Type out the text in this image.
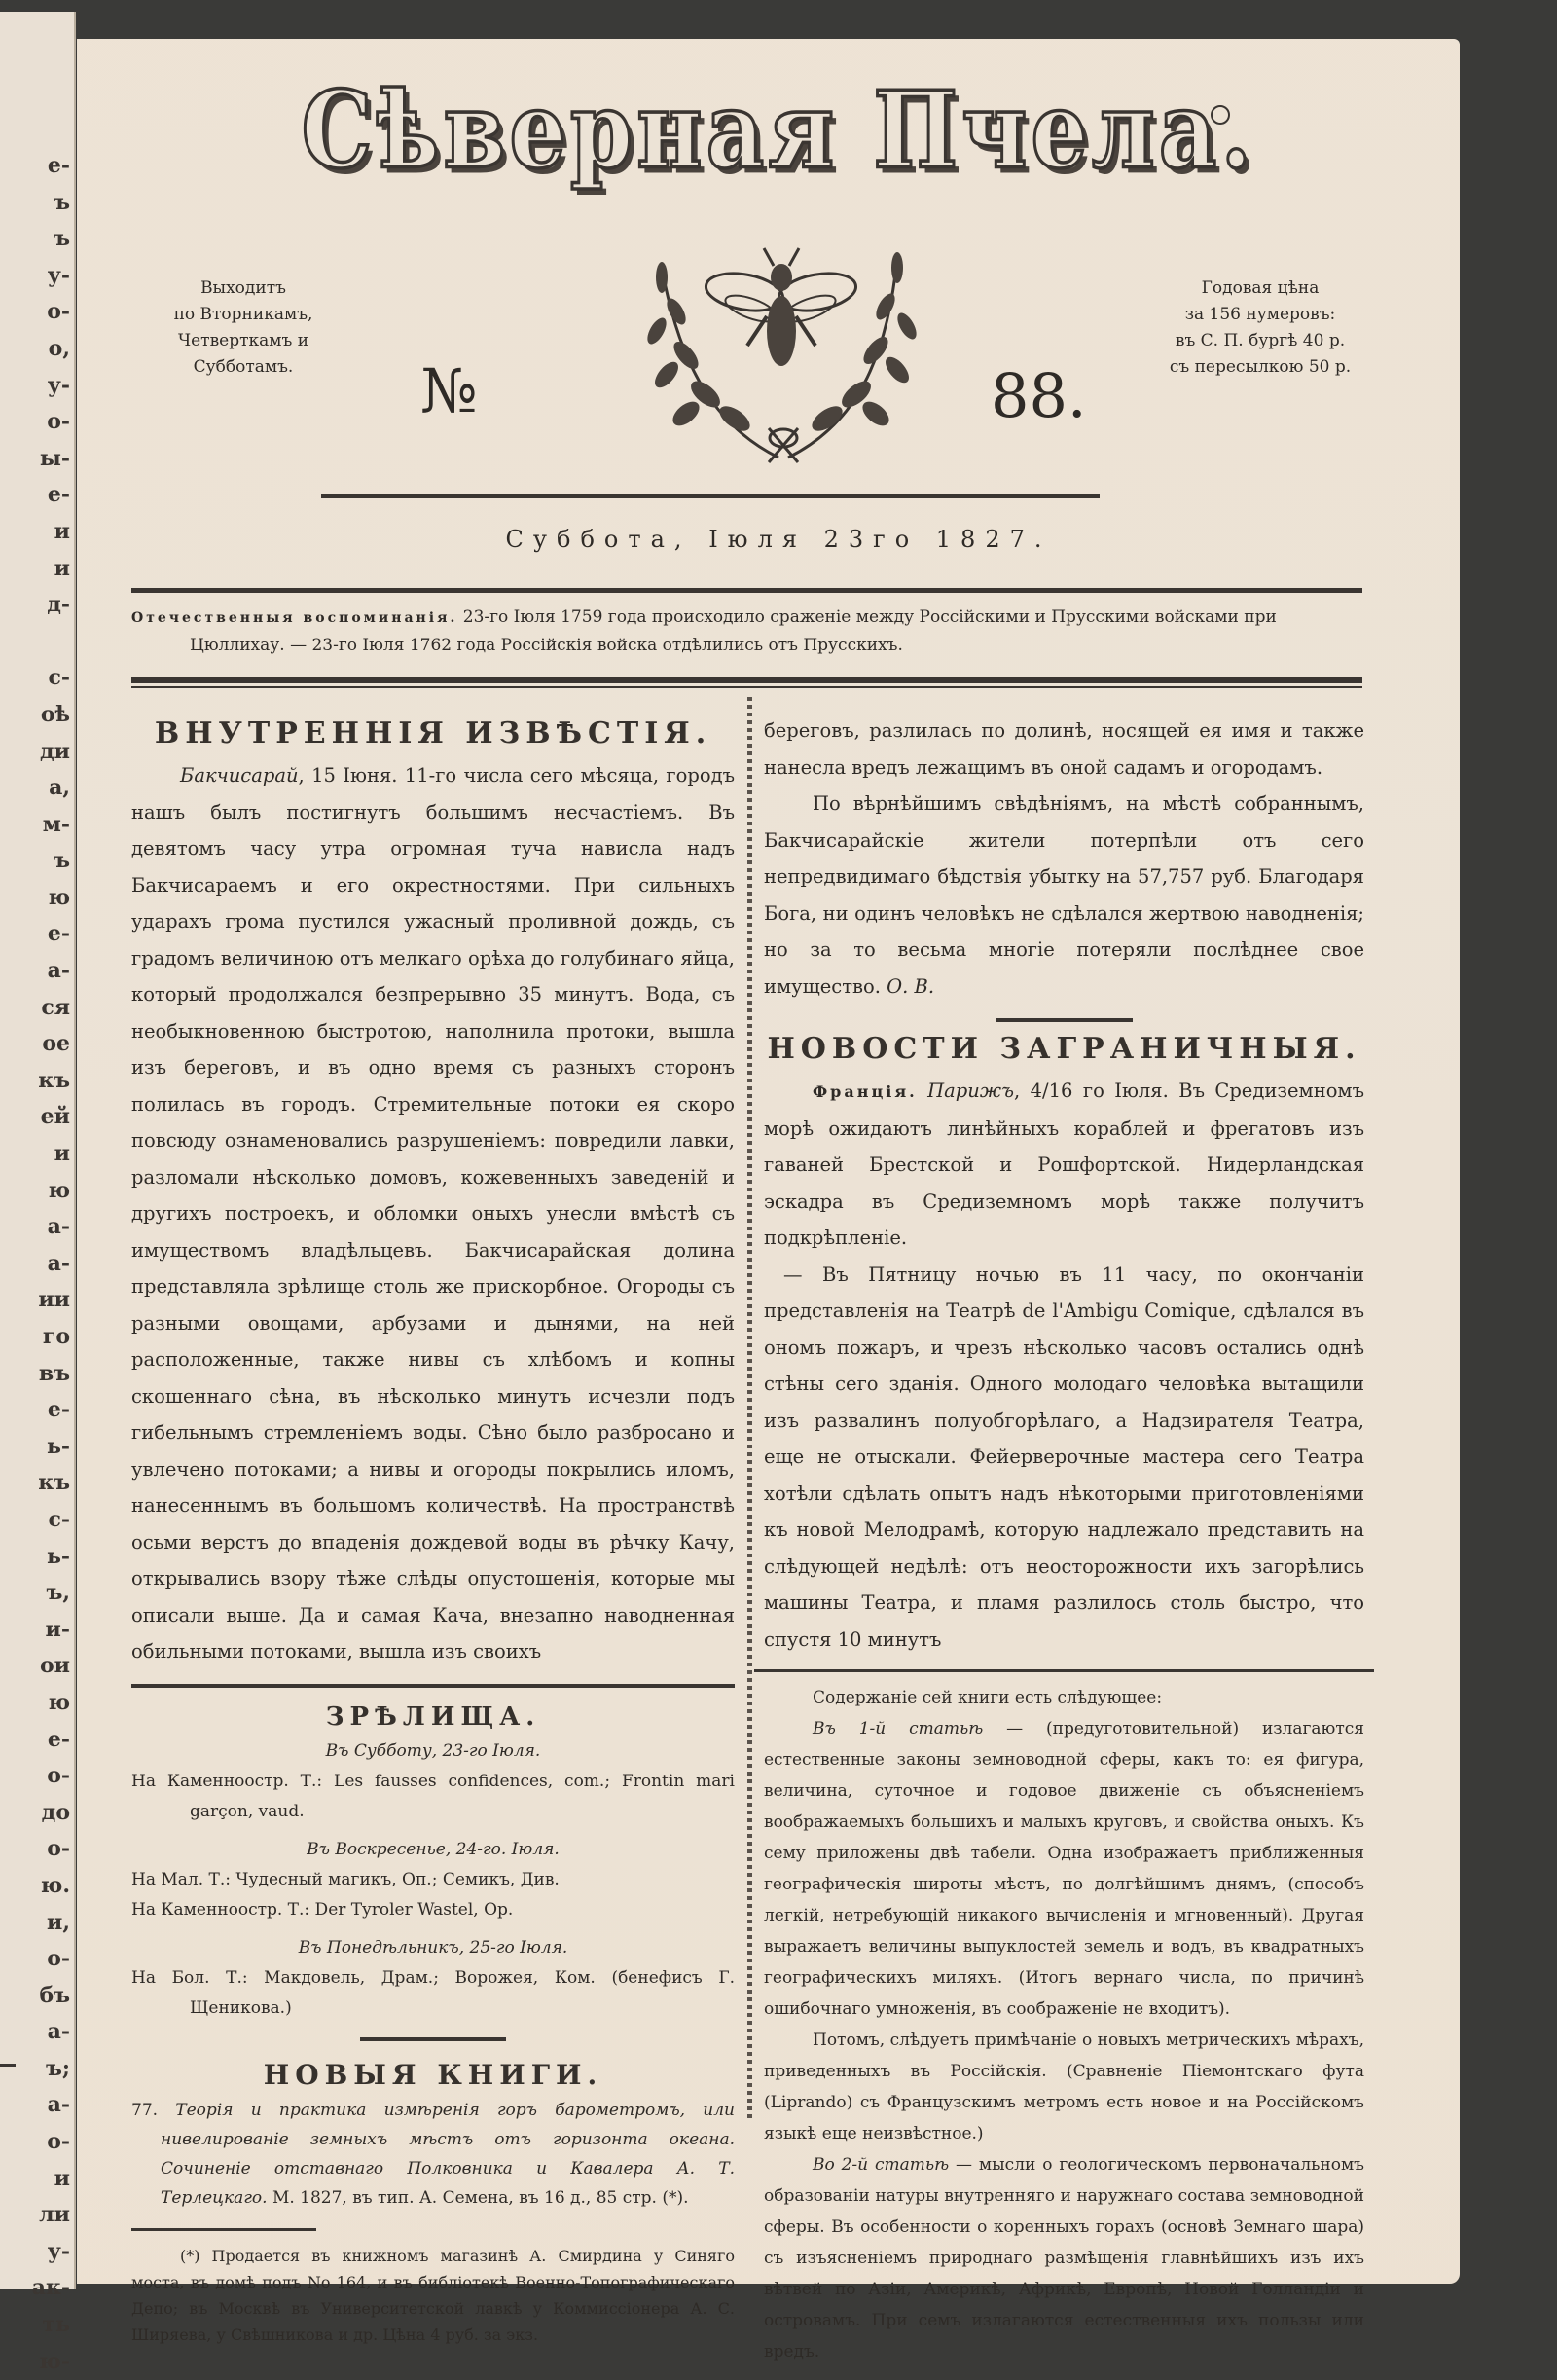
е-
ъ
ъ
у-
о-
о,
у-
о-
ы-
е-
и
и
д-

с-
оѣ
ди
а,
м-
ъ
ю
е-
а-
ся
ое
къ
ей
и
ю
а-
а-
ии
го
въ
е-
ь-
къ
с-
ь-
ъ,
и-
ои
ю
е-
о-
до
о-
ю.
и,
о-
бъ
а-
ъ;
а-
о-
и
ли
у-
ак-
ть
ю-
Сѣверная Пчела.
Выходитъ
по Вторникамъ,
Четверткамъ и
Субботамъ.
Годовая цѣна
за 156 нумеровъ:
въ С. П. бургѣ 40 р.
съ пересылкою 50 р.
№	88.
Суббота, Іюля 23го 1827.
Отечественныя воспоминанія. 23-го Іюля 1759 года происходило сраженіе между Россійскими и Прусскими войсками при
Цюллихау. — 23-го Іюля 1762 года Россійскія войска отдѣлились отъ Прусскихъ.
ВНУТРЕННІЯ ИЗВѢСТІЯ.
Бакчисарай, 15 Іюня. 11-го числа сего мѣсяца, городъ нашъ былъ постигнутъ большимъ несчастіемъ. Въ девятомъ часу утра огромная туча нависла надъ Бакчисараемъ и его окрестностями. При сильныхъ ударахъ грома пустился ужасный проливной дождь, съ градомъ величиною отъ мелкаго орѣха до голубинаго яйца, который продолжался безпрерывно 35 минутъ. Вода, съ необыкновенною быстротою, наполнила протоки, вышла изъ береговъ, и въ одно время съ разныхъ сторонъ полилась въ городъ. Стремительные потоки ея скоро повсюду ознаменовались разрушеніемъ: повредили лавки, разломали нѣсколько домовъ, кожевенныхъ заведеній и другихъ построекъ, и обломки оныхъ унесли вмѣстѣ съ имуществомъ владѣльцевъ. Бакчисарайская долина представляла зрѣлище столь же прискорбное. Огороды съ разными овощами, арбузами и дынями, на ней расположенные, также нивы съ хлѣбомъ и копны скошеннаго сѣна, въ нѣсколько минутъ исчезли подъ гибельнымъ стремленіемъ воды. Сѣно было разбросано и увлечено потоками; а нивы и огороды покрылись иломъ, нанесеннымъ въ большомъ количествѣ. На пространствѣ осьми верстъ до впаденія дождевой воды въ рѣчку Качу, открывались взору тѣже слѣды опустошенія, которые мы описали выше. Да и самая Кача, внезапно наводненная обильными потоками, вышла изъ своихъ
ЗРѢЛИЩА.
Въ Субботу, 23-го Іюля.
На Каменноостр. Т.: Les fausses confidences, com.; Frontin mari garçon, vaud.
Въ Воскресенье, 24-го. Іюля.
На Мал. Т.: Чудесный магикъ, Оп.; Семикъ, Див.
На Каменноостр. Т.: Der Tyroler Wastel, Op.
Въ Понедѣльникъ, 25-го Іюля.
На Бол. Т.: Макдовель, Драм.; Ворожея, Ком. (бенефисъ Г. Щеникова.)
НОВЫЯ КНИГИ.
77. Теорія и практика измѣренія горъ барометромъ, или нивелированіе земныхъ мѣстъ отъ горизонта океана. Сочиненіе отставнаго Полковника и Кавалера А. Т. Терлецкаго. М. 1827, въ тип. А. Семена, въ 16 д., 85 стр. (*).
(*) Продается въ книжномъ магазинѣ А. Смирдина у Синяго моста, въ домѣ подъ No 164, и въ библіотекѣ Военно-Топографическаго Депо; въ Москвѣ въ Университетской лавкѣ у Коммиссіонера А. С. Ширяева, у Свѣшникова и др. Цѣна 4 руб. за экз.
береговъ, разлилась по долинѣ, носящей ея имя и также нанесла вредъ лежащимъ въ оной садамъ и огородамъ.
По вѣрнѣйшимъ свѣдѣніямъ, на мѣстѣ собраннымъ, Бакчисарайскіе жители потерпѣли отъ сего непредвидимаго бѣдствія убытку на 57,757 руб. Благодаря Бога, ни одинъ человѣкъ не сдѣлался жертвою наводненія; но за то весьма многіе потеряли послѣднее свое имущество. О. В.
НОВОСТИ ЗАГРАНИЧНЫЯ.
Франція. Парижъ, 4/16 го Іюля. Въ Средиземномъ морѣ ожидаютъ линѣйныхъ кораблей и фрегатовъ изъ гаваней Брестской и Рошфортской. Нидерландская эскадра въ Средиземномъ морѣ также получитъ подкрѣпленіе.
— Въ Пятницу ночью въ 11 часу, по окончаніи представленія на Театрѣ de l'Ambigu Comique, сдѣлался въ ономъ пожаръ, и чрезъ нѣсколько часовъ остались однѣ стѣны сего зданія. Одного молодаго человѣка вытащили изъ развалинъ полуобгорѣлаго, а Надзирателя Театра, еще не отыскали. Фейерверочные мастера сего Театра хотѣли сдѣлать опытъ надъ нѣкоторыми приготовленіями къ новой Мелодрамѣ, которую надлежало представить на слѣдующей недѣлѣ: отъ неосторожности ихъ загорѣлись машины Театра, и пламя разлилось столь быстро, что спустя 10 минутъ
Содержаніе сей книги есть слѣдующее:
Въ 1-й статьѣ — (предуготовительной) излагаются естественные законы земноводной сферы, какъ то: ея фигура, величина, суточное и годовое движеніе съ объясненіемъ воображаемыхъ большихъ и малыхъ круговъ, и свойства оныхъ. Къ сему приложены двѣ табели. Одна изображаетъ приближенныя географическія широты мѣстъ, по долгѣйшимъ днямъ, (способъ легкій, нетребующій никакого вычисленія и мгновенный). Другая выражаетъ величины выпуклостей земель и водъ, въ квадратныхъ географическихъ миляхъ. (Итогъ вернаго числа, по причинѣ ошибочнаго умноженія, въ соображеніе не входитъ).
Потомъ, слѣдуетъ примѣчаніе о новыхъ метрическихъ мѣрахъ, приведенныхъ въ Россійскія. (Сравненіе Піемонтскаго фута (Liprando) съ Французскимъ метромъ есть новое и на Россійскомъ языкѣ еще неизвѣстное.)
Во 2-й статьѣ — мысли о геологическомъ первоначальномъ образованіи натуры внутренняго и наружнаго состава земноводной сферы. Въ особенности о коренныхъ горахъ (основѣ Земнаго шара) съ изъясненіемъ природнаго размѣщенія главнѣйшихъ изъ ихъ вѣтвей по Азіи, Америкѣ, Африкѣ, Европѣ, Новой Голландіи и островамъ. При семъ излагаются естественныя ихъ пользы или вредъ.
